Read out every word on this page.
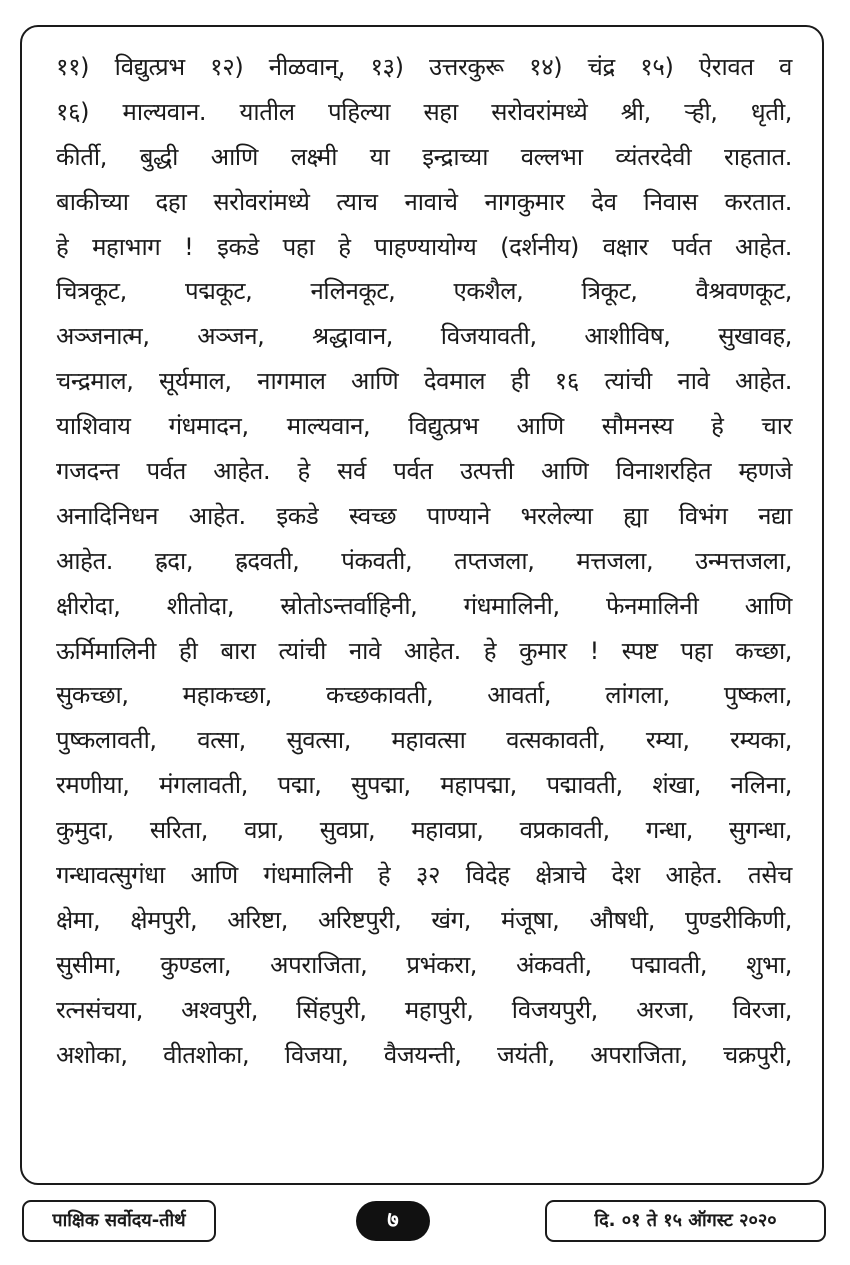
११) विद्युत्प्रभ १२) नीळवान्, १३) उत्तरकुरू १४) चंद्र १५) ऐरावत व
१६) माल्यवान. यातील पहिल्या सहा सरोवरांमध्ये श्री, ऱ्ही, धृती,
कीर्ती, बुद्धी आणि लक्ष्मी या इन्द्राच्या वल्लभा व्यंतरदेवी राहतात.
बाकीच्या दहा सरोवरांमध्ये त्याच नावाचे नागकुमार देव निवास करतात.
हे महाभाग ! इकडे पहा हे पाहण्यायोग्य (दर्शनीय) वक्षार पर्वत आहेत.
चित्रकूट, पद्मकूट, नलिनकूट, एकशैल, त्रिकूट, वैश्रवणकूट,
अञ्जनात्म, अञ्जन, श्रद्धावान, विजयावती, आशीविष, सुखावह,
चन्द्रमाल, सूर्यमाल, नागमाल आणि देवमाल ही १६ त्यांची नावे आहेत.
याशिवाय गंधमादन, माल्यवान, विद्युत्प्रभ आणि सौमनस्य हे चार
गजदन्त पर्वत आहेत. हे सर्व पर्वत उत्पत्ती आणि विनाशरहित म्हणजे
अनादिनिधन आहेत. इकडे स्वच्छ पाण्याने भरलेल्या ह्या विभंग नद्या
आहेत. ह्रदा, ह्रदवती, पंकवती, तप्तजला, मत्तजला, उन्मत्तजला,
क्षीरोदा, शीतोदा, स्रोतोऽन्तर्वाहिनी, गंधमालिनी, फेनमालिनी आणि
ऊर्मिमालिनी ही बारा त्यांची नावे आहेत. हे कुमार ! स्पष्ट पहा कच्छा,
सुकच्छा, महाकच्छा, कच्छकावती, आवर्ता, लांगला, पुष्कला,
पुष्कलावती, वत्सा, सुवत्सा, महावत्सा वत्सकावती, रम्या, रम्यका,
रमणीया, मंगलावती, पद्मा, सुपद्मा, महापद्मा, पद्मावती, शंखा, नलिना,
कुमुदा, सरिता, वप्रा, सुवप्रा, महावप्रा, वप्रकावती, गन्धा, सुगन्धा,
गन्धावत्सुगंधा आणि गंधमालिनी हे ३२ विदेह क्षेत्राचे देश आहेत. तसेच
क्षेमा, क्षेमपुरी, अरिष्टा, अरिष्टपुरी, खंग, मंजूषा, औषधी, पुण्डरीकिणी,
सुसीमा, कुण्डला, अपराजिता, प्रभंकरा, अंकवती, पद्मावती, शुभा,
रत्नसंचया, अश्वपुरी, सिंहपुरी, महापुरी, विजयपुरी, अरजा, विरजा,
अशोका, वीतशोका, विजया, वैजयन्ती, जयंती, अपराजिता, चक्रपुरी,
पाक्षिक सर्वोदय-तीर्थ	७	दि. ०१ ते १५ ऑगस्ट २०२०
